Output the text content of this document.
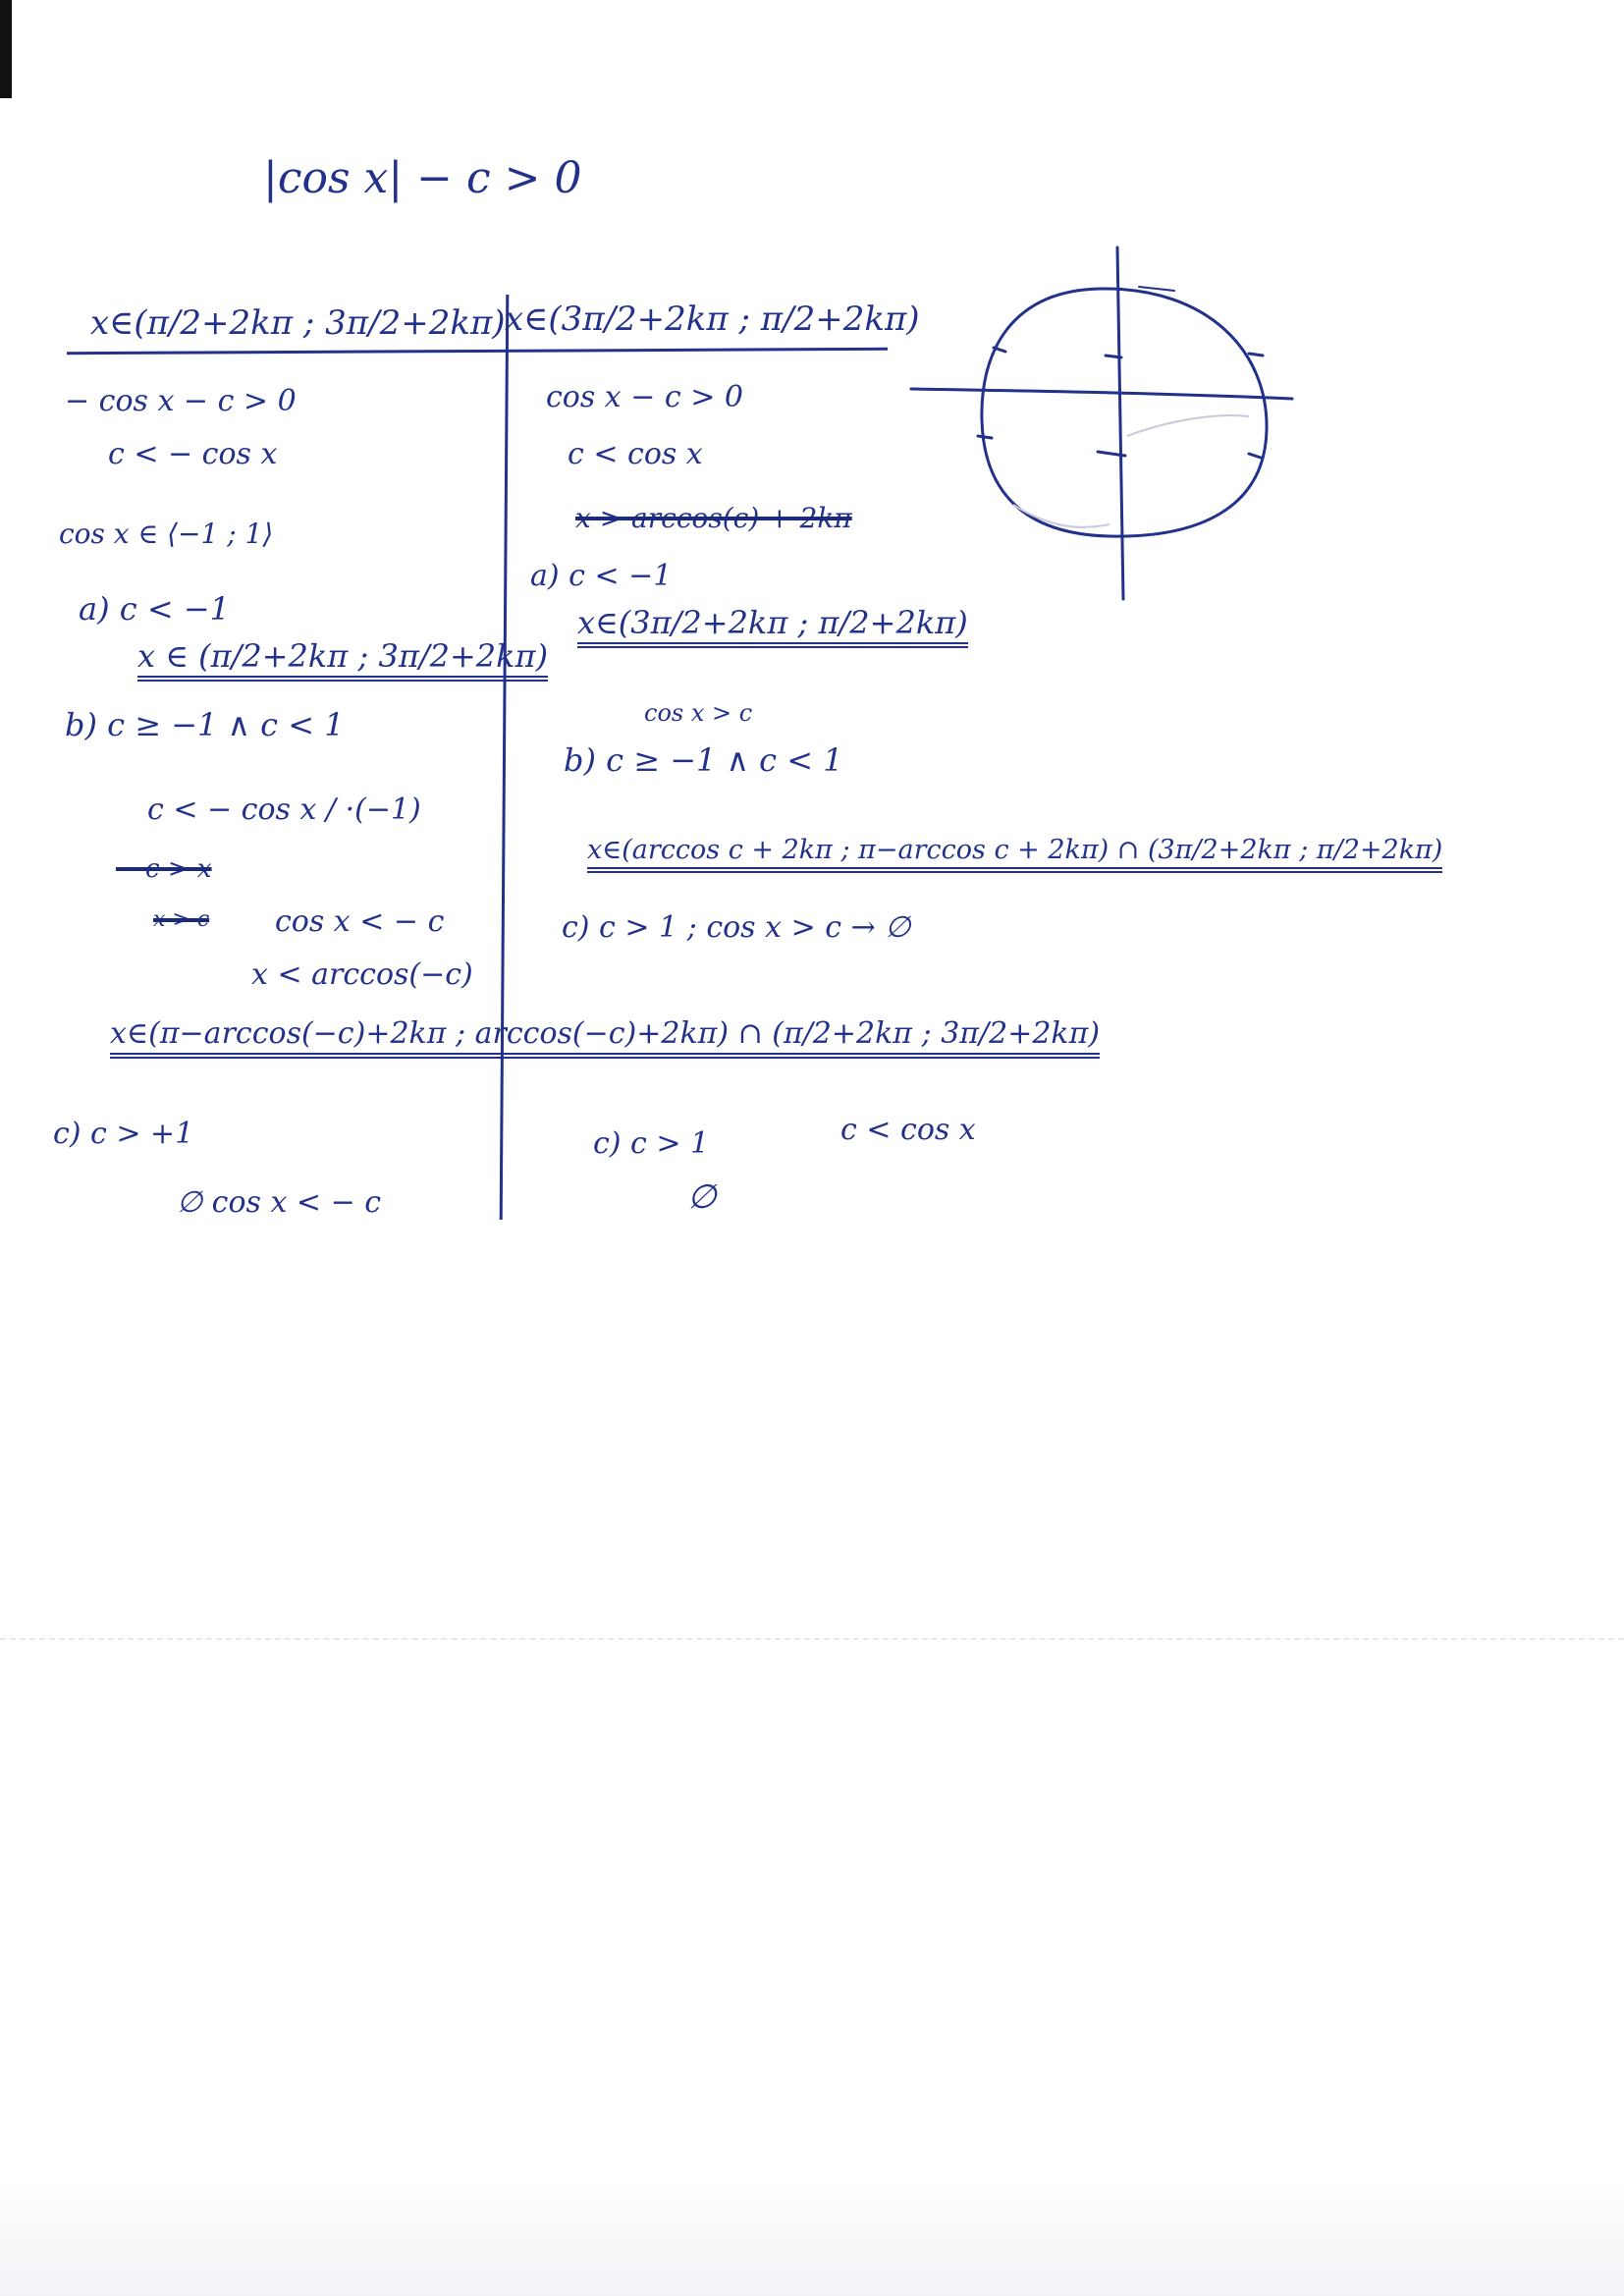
|cos x| − c > 0
x∈(π/2+2kπ ; 3π/2+2kπ)
− cos x − c > 0
c < − cos x
cos x ∈ ⟨−1 ; 1⟩
a) c < −1
x ∈ (π/2+2kπ ; 3π/2+2kπ)
b) c ≥ −1 ∧ c < 1
c < − cos x / ·(−1)
− c > x
x > c cos x < − c
x < arccos(−c)
x∈(π−arccos(−c)+2kπ ; arccos(−c)+2kπ) ∩ (π/2+2kπ ; 3π/2+2kπ)
c) c > +1
∅ cos x < − c
x∈(3π/2+2kπ ; π/2+2kπ)
cos x − c > 0
c < cos x
x > arccos(c) + 2kπ
a) c < −1
x∈(3π/2+2kπ ; π/2+2kπ)
cos x > c
b) c ≥ −1 ∧ c < 1
x∈(arccos c + 2kπ ; π−arccos c + 2kπ) ∩ (3π/2+2kπ ; π/2+2kπ)
c) c > 1 ; cos x > c → ∅
c) c > 1	c < cos x
∅
